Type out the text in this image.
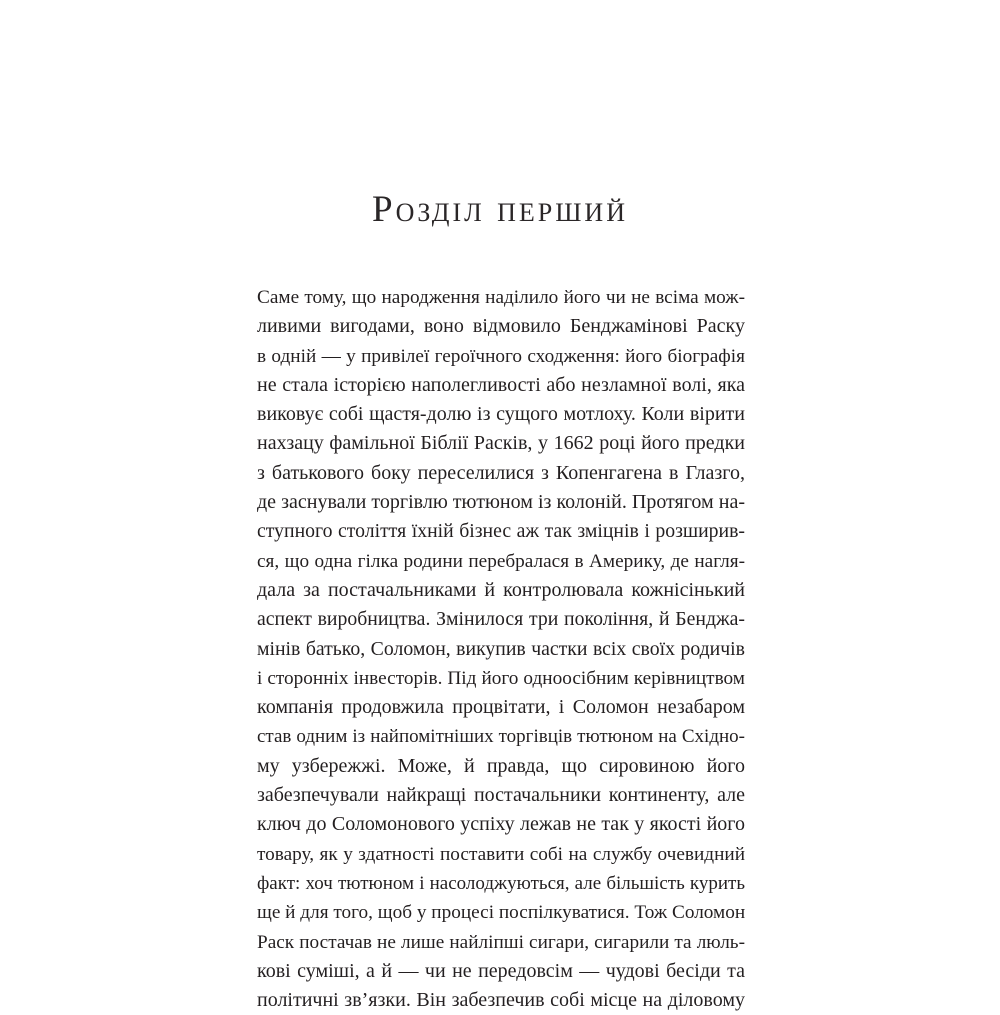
Розділ перший
Саме тому, що народження наділило його чи не всіма мож-
ливими вигодами, воно відмовило Бенджамінові Раску
в одній — у привілеї героїчного сходження: його біографія
не стала історією наполегливості або незламної волі, яка
виковує собі щастя-долю із сущого мотлоху. Коли вірити
нахзацу фамільної Біблії Расків, у 1662 році його предки
з батькового боку переселилися з Копенгагена в Глазго,
де заснували торгівлю тютюном із колоній. Протягом на-
ступного століття їхній бізнес аж так зміцнів і розширив-
ся, що одна гілка родини перебралася в Америку, де нагля-
дала за постачальниками й контролювала кожнісінький
аспект виробництва. Змінилося три покоління, й Бенджа-
мінів батько, Соломон, викупив частки всіх своїх родичів
і сторонніх інвесторів. Під його одноосібним керівництвом
компанія продовжила процвітати, і Соломон незабаром
став одним із найпомітніших торгівців тютюном на Східно-
му узбережжі. Може, й правда, що сировиною його
забезпечували найкращі постачальники континенту, але
ключ до Соломонового успіху лежав не так у якості його
товару, як у здатності поставити собі на службу очевидний
факт: хоч тютюном і насолоджуються, але більшість курить
ще й для того, щоб у процесі поспілкуватися. Тож Соломон
Раск постачав не лише найліпші сигари, сигарили та люль-
кові суміші, а й — чи не передовсім — чудові бесіди та
політичні зв’язки. Він забезпечив собі місце на діловому
